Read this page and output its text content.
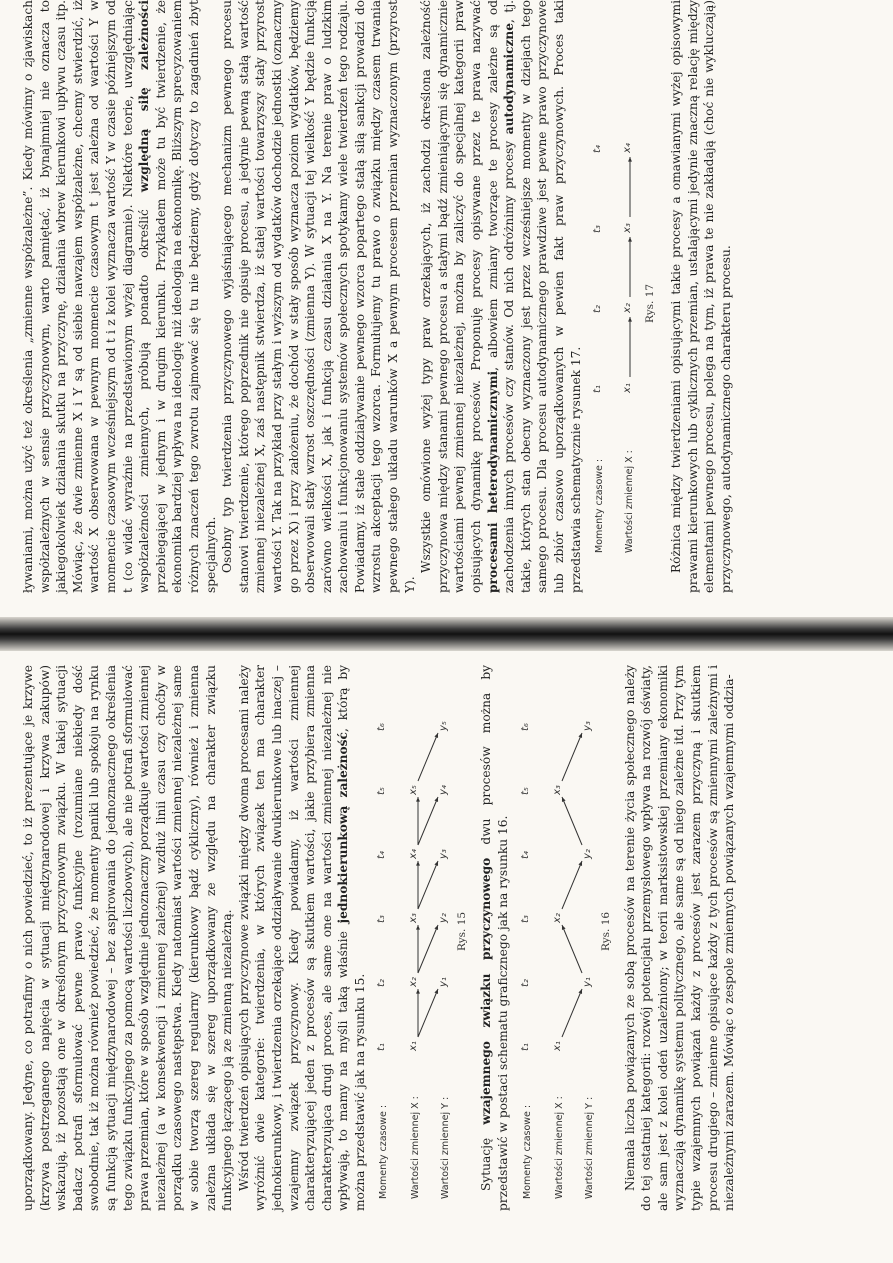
uporządkowany. Jedyne, co potrafimy o nich powiedzieć, to iż prezentujące je krzywe (krzywa postrzeganego napięcia w sytuacji międzynarodowej i krzywa zakupów) wskazują, iż pozostają one w określonym przyczynowym związku. W takiej sytuacji badacz potrafi sformułować pewne prawo funkcyjne (rozumiane niekiedy dość swobodnie, tak iż można również powiedzieć, że momenty paniki lub spokoju na rynku są funkcją sytuacji międzynarodowej – bez aspirowania do jednoznacznego określenia tego związku funkcyjnego za pomocą wartości liczbowych), ale nie potrafi sformułować prawa przemian, które w sposób względnie jednoznaczny porządkuje wartości zmiennej niezależnej (a w konsekwencji i zmiennej zależnej) wzdłuż linii czasu czy choćby w porządku czasowego następstwa. Kiedy natomiast wartości zmiennej niezależnej same w sobie tworzą szereg regularny (kierunkowy bądź cykliczny), również i zmienna zależna układa się w szereg uporządkowany ze względu na charakter związku funkcyjnego łączącego ją ze zmienną niezależną. Wśród twierdzeń opisujących przyczynowe związki między dwoma procesami należy wyróżnić dwie kategorie: twierdzenia, w których związek ten ma charakter jednokierunkowy, i twierdzenia orzekające oddziaływanie dwukierunkowe lub inaczej – wzajemny związek przyczynowy. Kiedy powiadamy, iż wartości zmiennej charakteryzującej jeden z procesów są skutkiem wartości, jakie przybiera zmienna charakteryzująca drugi proces, ale same one na wartości zmiennej niezależnej nie wpływają, to mamy na myśli taką właśnie jednokierunkową zależność, którą by można przedstawić jak na rysunku 15. Momenty czasowe : Wartości zmiennej X : Wartości zmiennej Y :
t₁
t₂
t₃
t₄
t₅
t₆
x₁
x₂
x₃
x₄
x₅
y₁
y₂
y₃
y₄
y₅
Rys. 15

Sytuację wzajemnego związku przyczynowego dwu procesów można by przedstawić w postaci schematu graficznego jak na rysunku 16. Momenty czasowe : Wartości zmiennej X : Wartości zmiennej Y :
t₁
t₂
t₃
t₄
t₅
t₆
x₁
x₂
x₃
y₁
y₂
y₃
Rys. 16 Niemała liczba powiązanych ze sobą procesów na terenie życia społecznego należy do tej ostatniej kategorii: rozwój potencjału przemysłowego wpływa na rozwój oświaty, ale sam jest z kolei odeń uzależniony; w teorii marksistowskiej przemiany ekonomiki wyznaczają dynamikę systemu politycznego, ale same są od niego zależne itd. Przy tym typie wzajemnych powiązań każdy z procesów jest zarazem przyczyną i skutkiem procesu drugiego – zmienne opisujące każdy z tych procesów są zmiennymi zależnymi i niezależnymi zarazem. Mówiąc o zespole zmiennych powiązanych wzajemnymi oddzia-

ływaniami, można użyć też określenia „zmienne współzależne”. Kiedy mówimy o zjawiskach współzależnych w sensie przyczynowym, warto pamiętać, iż bynajmniej nie oznacza to jakiegokolwiek działania skutku na przyczynę, działania wbrew kierunkowi upływu czasu itp. Mówiąc, że dwie zmienne X i Y są od siebie nawzajem współzależne, chcemy stwierdzić, iż wartość X obserwowana w pewnym momencie czasowym t jest zależna od wartości Y w momencie czasowym wcześniejszym od t i z kolei wyznacza wartość Y w czasie późniejszym od t (co widać wyraźnie na przedstawionym wyżej diagramie). Niektóre teorie, uwzględniając współzależności zmiennych, próbują ponadto określić względną siłę zależności przebiegającej w jednym i w drugim kierunku. Przykładem może tu być twierdzenie, że ekonomika bardziej wpływa na ideologię niż ideologia na ekonomikę. Bliższym sprecyzowaniem różnych znaczeń tego zwrotu zajmować się tu nie będziemy, gdyż dotyczy to zagadnień zbyt specjalnych. Osobny typ twierdzenia przyczynowego wyjaśniającego mechanizm pewnego procesu stanowi twierdzenie, którego poprzednik nie opisuje procesu, a jedynie pewną stałą wartość zmiennej niezależnej X, zaś następnik stwierdza, iż stałej wartości towarzyszy stały przyrost wartości Y. Tak na przykład przy stałym i wyższym od wydatków dochodzie jednostki (oznaczmy go przez X) i przy założeniu, że dochód w stały sposób wyznacza poziom wydatków, będziemy obserwowali stały wzrost oszczędności (zmienna Y). W sytuacji tej wielkość Y będzie funkcją zarówno wielkości X, jak i funkcją czasu działania X na Y. Na terenie praw o ludzkim zachowaniu i funkcjonowaniu systemów społecznych spotykamy wiele twierdzeń tego rodzaju. Powiadamy, iż stałe oddziaływanie pewnego wzorca popartego stałą siłą sankcji prowadzi do wzrostu akceptacji tego wzorca. Formułujemy tu prawo o związku między czasem trwania pewnego stałego układu warunków X a pewnym procesem przemian wyznaczonym (przyrost Y).

Wszystkie omówione wyżej typy praw orzekających, iż zachodzi określona zależność przyczynowa między stanami pewnego procesu a stałymi bądź zmieniającymi się dynamicznie wartościami pewnej zmiennej niezależnej, można by zaliczyć do specjalnej kategorii praw opisujących dynamikę procesów. Proponuję procesy opisywane przez te prawa nazywać procesami heterodynamicznymi, albowiem zmiany tworzące te procesy zależne są od zachodzenia innych procesów czy stanów. Od nich odróżnimy procesy autodynamiczne, tj. takie, których stan obecny wyznaczony jest przez wcześniejsze momenty w dziejach tego samego procesu. Dla procesu autodynamicznego prawdziwe jest pewne prawo przyczynowe lub zbiór czasowo uporządkowanych w pewien fakt praw przyczynowych. Proces taki przedstawia schematycznie rysunek 17. Momenty czasowe : Wartości zmiennej X :
t₁
t₂
t₃
t₄
x₁
x₂
x₃
x₄
Rys. 17 Różnica między twierdzeniami opisującymi takie procesy a omawianymi wyżej opisowymi prawami kierunkowych lub cyklicznych przemian, ustalającymi jedynie znaczną relację między elementami pewnego procesu, polega na tym, iż prawa te nie zakładają (choć nie wykluczają) przyczynowego, autodynamicznego charakteru procesu.
